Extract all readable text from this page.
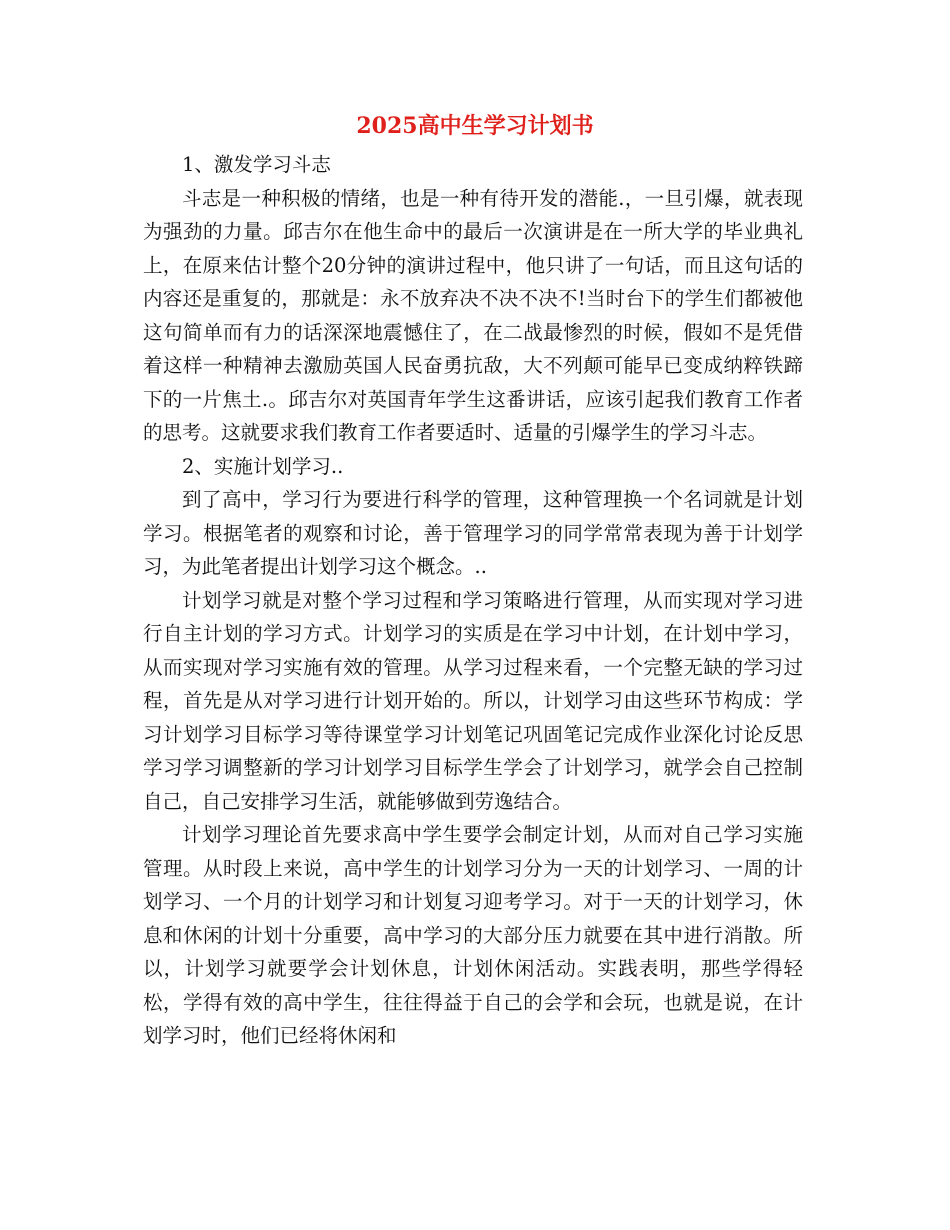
2025高中生学习计划书

1、激发学习斗志

斗志是一种积极的情绪，也是一种有待开发的潜能.，一旦引爆，就表现为强劲的力量。邱吉尔在他生命中的最后一次演讲是在一所大学的毕业典礼上，在原来估计整个20分钟的演讲过程中，他只讲了一句话，而且这句话的内容还是重复的，那就是：永不放弃决不决不决不!当时台下的学生们都被他这句简单而有力的话深深地震憾住了，在二战最惨烈的时候，假如不是凭借着这样一种精神去激励英国人民奋勇抗敌，大不列颠可能早已变成纳粹铁蹄下的一片焦土.。邱吉尔对英国青年学生这番讲话，应该引起我们教育工作者的思考。这就要求我们教育工作者要适时、适量的引爆学生的学习斗志。

2、实施计划学习..

到了高中，学习行为要进行科学的管理，这种管理换一个名词就是计划学习。根据笔者的观察和讨论，善于管理学习的同学常常表现为善于计划学习，为此笔者提出计划学习这个概念。..

计划学习就是对整个学习过程和学习策略进行管理，从而实现对学习进行自主计划的学习方式。计划学习的实质是在学习中计划，在计划中学习，从而实现对学习实施有效的管理。从学习过程来看，一个完整无缺的学习过程，首先是从对学习进行计划开始的。所以，计划学习由这些环节构成：学习计划学习目标学习等待课堂学习计划笔记巩固笔记完成作业深化讨论反思学习学习调整新的学习计划学习目标学生学会了计划学习，就学会自己控制自己，自己安排学习生活，就能够做到劳逸结合。

计划学习理论首先要求高中学生要学会制定计划，从而对自己学习实施管理。从时段上来说，高中学生的计划学习分为一天的计划学习、一周的计划学习、一个月的计划学习和计划复习迎考学习。对于一天的计划学习，休息和休闲的计划十分重要，高中学习的大部分压力就要在其中进行消散。所以，计划学习就要学会计划休息，计划休闲活动。实践表明，那些学得轻松，学得有效的高中学生，往往得益于自己的会学和会玩，也就是说，在计划学习时，他们已经将休闲和
